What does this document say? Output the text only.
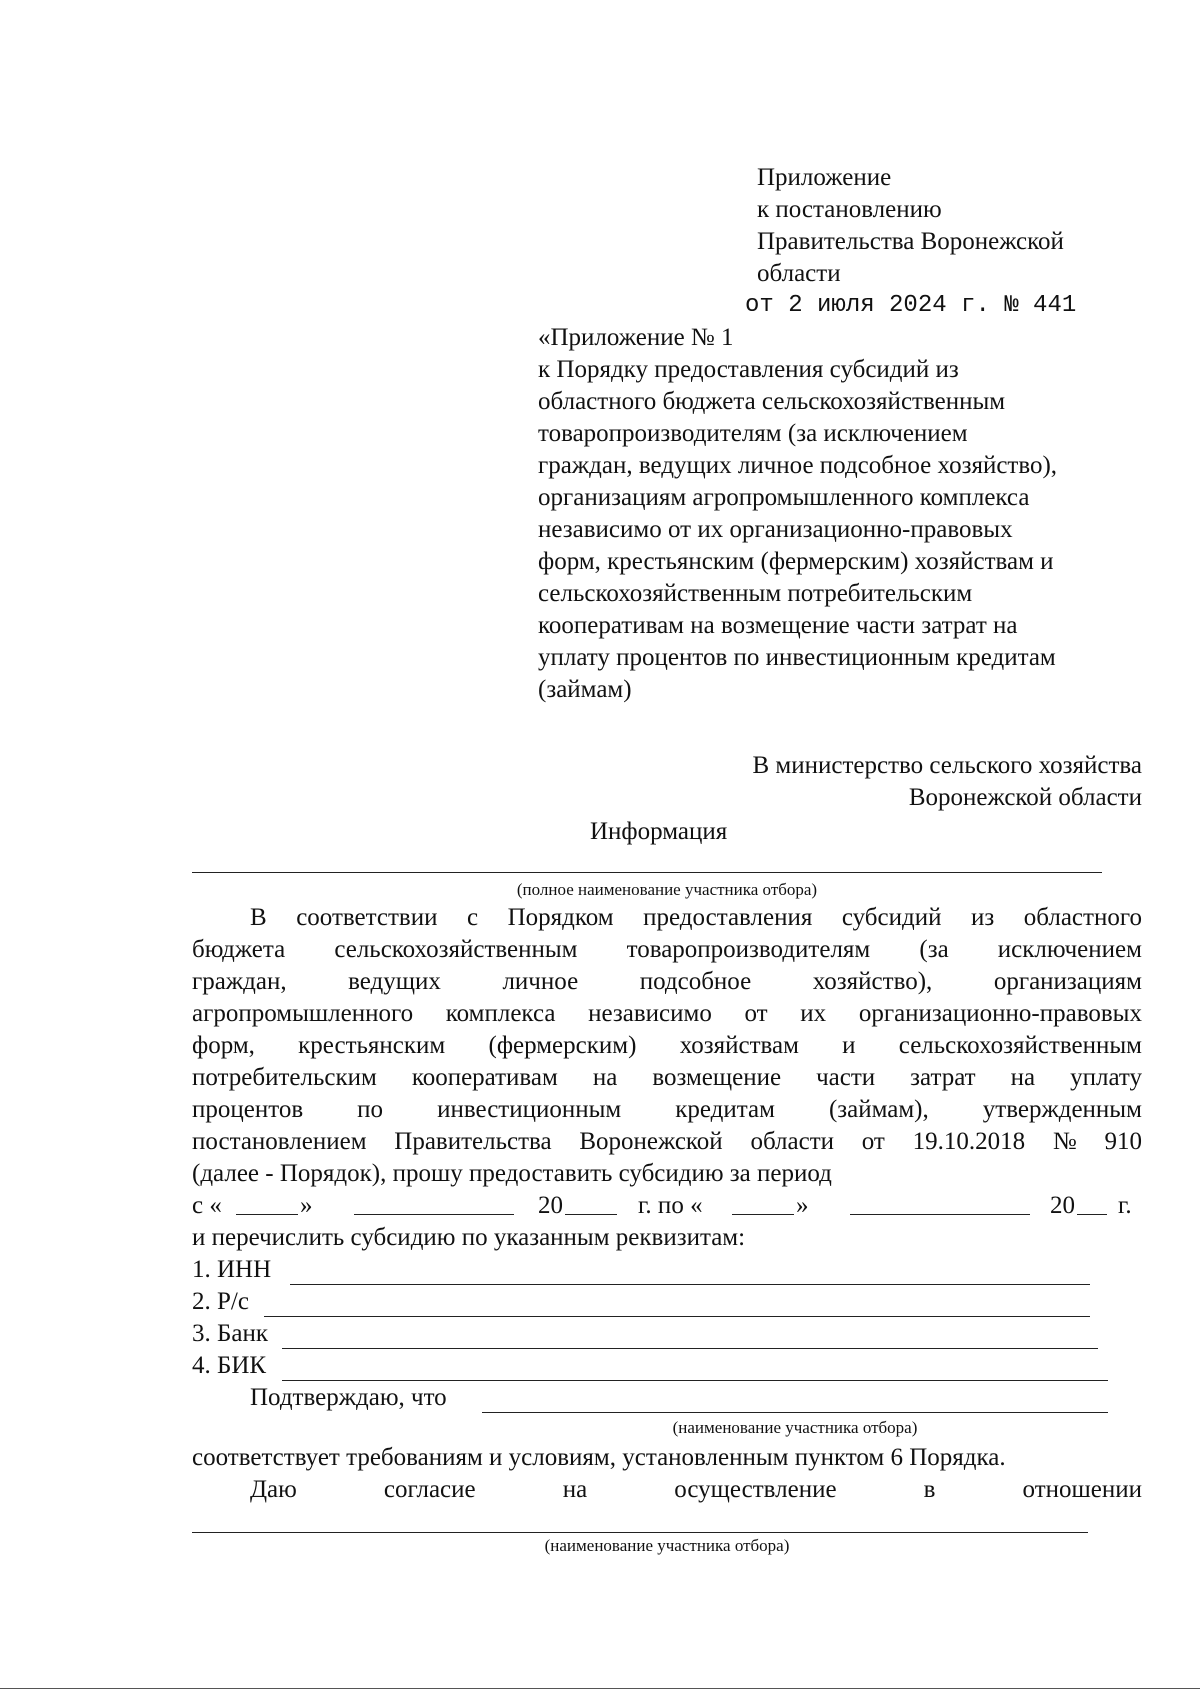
Приложение
к постановлению
Правительства Воронежской
области
от 2 июля 2024 г. № 441
«Приложение № 1
к Порядку предоставления субсидий из
областного бюджета сельскохозяйственным
товаропроизводителям (за исключением
граждан, ведущих личное подсобное хозяйство),
организациям агропромышленного комплекса
независимо от их организационно-правовых
форм, крестьянским (фермерским) хозяйствам и
сельскохозяйственным потребительским
кооперативам на возмещение части затрат на
уплату процентов по инвестиционным кредитам
(займам)
В министерство сельского хозяйства
Воронежской области
Информация
(полное наименование участника отбора)
В соответствии с Порядком предоставления субсидий из областного
бюджета сельскохозяйственным товаропроизводителям (за исключением
граждан, ведущих личное подсобное хозяйство), организациям
агропромышленного комплекса независимо от их организационно-правовых
форм, крестьянским (фермерским) хозяйствам и сельскохозяйственным
потребительским кооперативам на возмещение части затрат на уплату
процентов по инвестиционным кредитам (займам), утвержденным
постановлением Правительства Воронежской области от 19.10.2018 № 910
(далее - Порядок), прошу предоставить субсидию за период
с «	»	20	г. по «	»	20 г.
и перечислить субсидию по указанным реквизитам:
1. ИНН
2. Р/с
3. Банк
4. БИК
Подтверждаю, что
(наименование участника отбора)
соответствует требованиям и условиям, установленным пунктом 6 Порядка.
Даю	согласие	на	осуществление	в	отношении
(наименование участника отбора)
